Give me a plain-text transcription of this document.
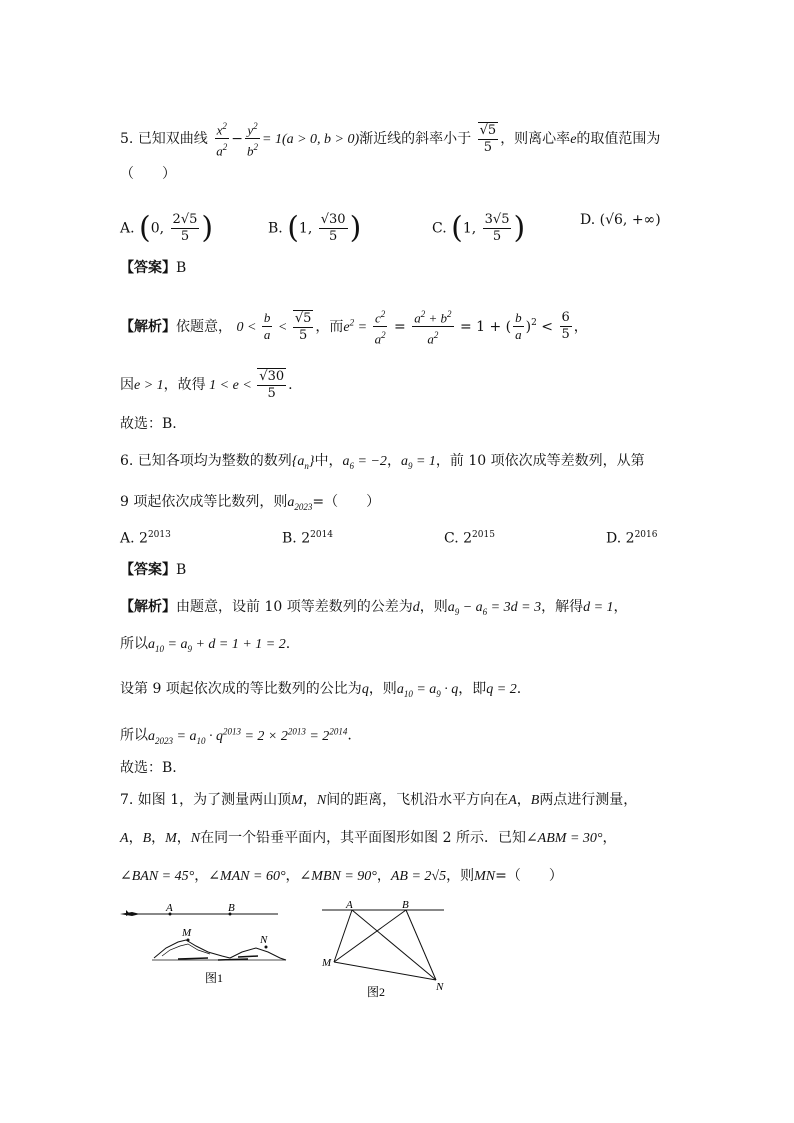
5. 已知双曲线 $\frac{x^2}{a^2} - \frac{y^2}{b^2} = 1(a > 0$, b > 0)渐近线的斜率小于 $\frac{√5}{5}$ ，则离心率e的取值范围为
（　　）
A. (0, $\frac{2√5}{5}$ )	B. (1, $\frac{√30}{5}$ )	C. (1, $\frac{3√5}{5}$ )	D. (√6, +∞)
【答案】B
【解析】依题意， $0 < \frac{b}{a} < \frac{√5}{5}$ ，而$e^2 = \frac{c^2}{a^2} = \frac{a^2 + b^2}{a^2} = 1$ + ( $\frac{b}{a} )^2 < \frac{6}{5}$ ，
因e > 1，故得 $1 < e < \frac{√30}{5}$ .
故选：B.
6. 已知各项均为整数的数列$\{a_n\}$中，$a_6 = -2$，$a_9 = 1$，前 10 项依次成等差数列，从第
9 项起依次成等比数列，则$a_{2023}=$（　　）
A. $2^{2013}$	B. $2^{2014}$	C. $2^{2015}$	D. $2^{2016}$
【答案】B
【解析】由题意，设前 10 项等差数列的公差为d，则$a_9 - a_6 = 3d = 3$，解得d = 1，
所以$a_{10} = a_9 + d = 1 + 1 = 2$.
设第 9 项起依次成的等比数列的公比为q，则$a_{10} = a_9 \cdot q$，即q = 2.
所以$a_{2023} = a_{10} \cdot q^{2013} = 2 \times 2^{2013} = 2^{2014}$.
故选：B.
7. 如图 1，为了测量两山顶M，N间的距离，飞机沿水平方向在A，B两点进行测量，
A，B，M，N在同一个铅垂平面内，其平面图形如图 2 所示．已知∠ABM = 30°，
∠BAN = 45°，∠MAN = 60°，∠MBN = 90°，AB = 2√5，则MN=（　　）
A	B
M
N
图1
A	B
M
N
图2
